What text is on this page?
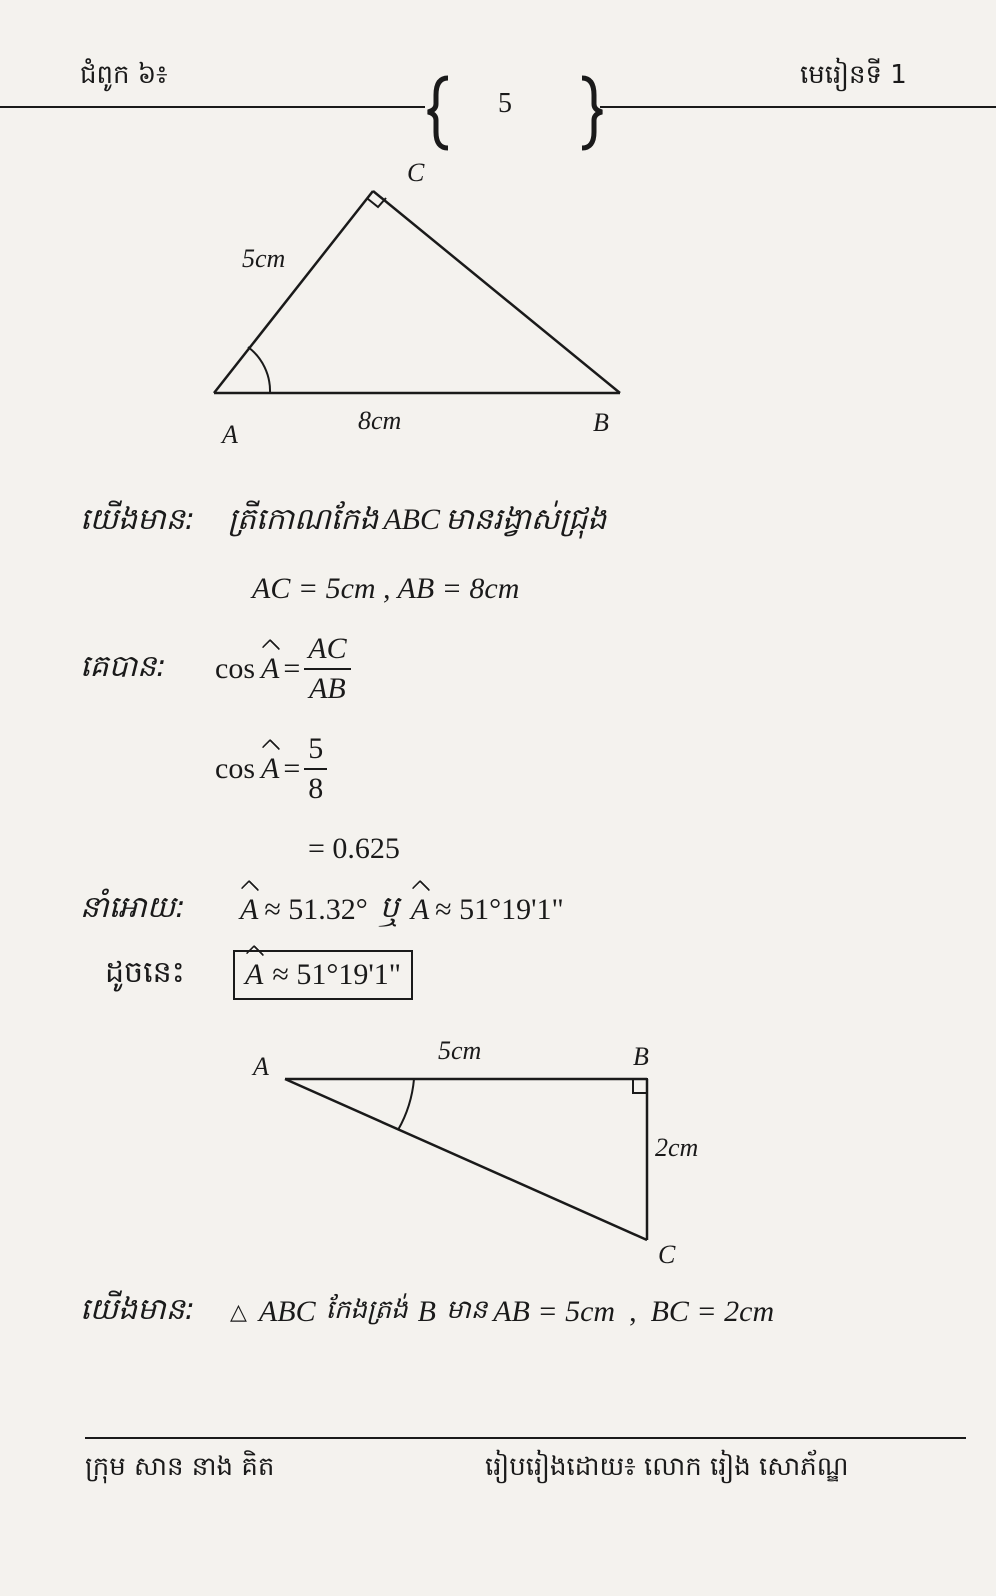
ជំពូក ៦៖	មេរៀនទី 1
5
C
A	B
5cm
8cm
យើងមាន: ត្រីកោណកែង ABC មានរង្វាស់ជ្រុង
AC = 5cm , AB = 8cm
គេបាន:	$\cos A = \frac{AC}{AB}$
$\cos A = \frac{5}{8}$
= 0.625
នាំអោយ:	A ≈ 51.32° ឬ A ≈ 51°19'1"
ដូចនេះ	A ≈ 51°19'1"
A	B
C
5cm
2cm
យើងមាន:	△ ABC កែងត្រង់ B មាន AB = 5cm , BC = 2cm
ក្រុម សាន នាង គិត	រៀបរៀងដោយ៖ លោក រៀង សោភ័ណ្ឌ
